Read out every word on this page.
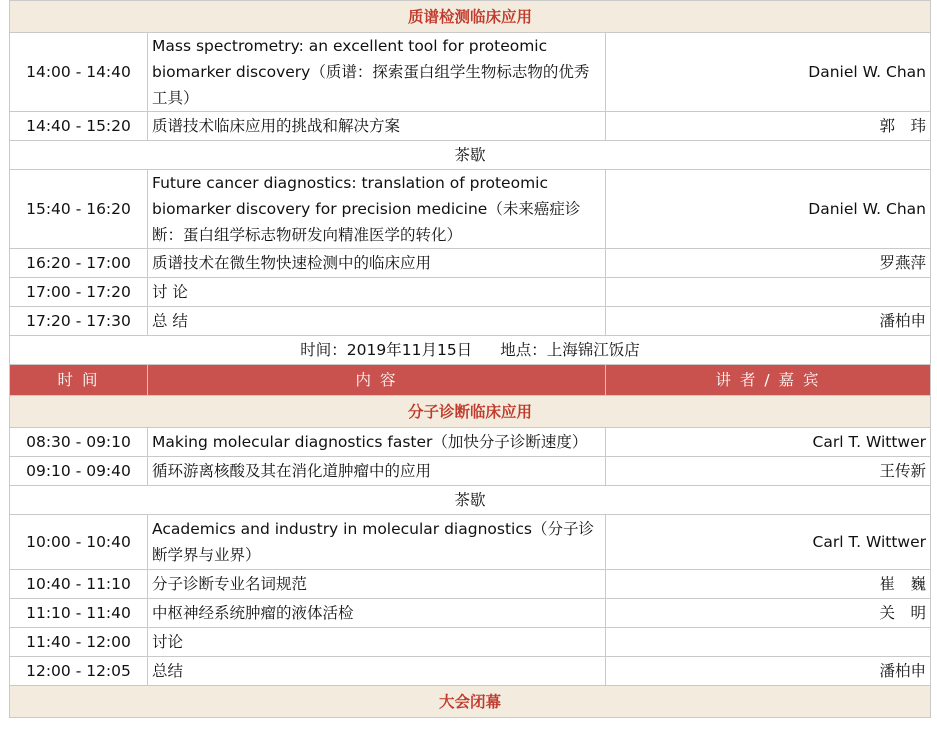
质谱检测临床应用		
14:00 - 14:40	Mass spectrometry: an excellent tool for proteomic biomarker discovery（质谱：探索蛋白组学生物标志物的优秀工具）	Daniel W. Chan
14:40 - 15:20	质谱技术临床应用的挑战和解决方案	郭　玮
茶歇		
15:40 - 16:20	Future cancer diagnostics: translation of proteomic biomarker discovery for precision medicine（未来癌症诊断：蛋白组学标志物研发向精准医学的转化）	Daniel W. Chan
16:20 - 17:00	质谱技术在微生物快速检测中的临床应用	罗燕萍
17:00 - 17:20	讨 论	
17:20 - 17:30	总 结	潘柏申
时间：2019年11月15日 地点：上海锦江饭店		
时 间	内 容	讲 者 / 嘉 宾
分子诊断临床应用		
08:30 - 09:10	Making molecular diagnostics faster（加快分子诊断速度）	Carl T. Wittwer
09:10 - 09:40	循环游离核酸及其在消化道肿瘤中的应用	王传新
茶歇		
10:00 - 10:40	Academics and industry in molecular diagnostics（分子诊断学界与业界）	Carl T. Wittwer
10:40 - 11:10	分子诊断专业名词规范	崔　巍
11:10 - 11:40	中枢神经系统肿瘤的液体活检	关　明
11:40 - 12:00	讨论	
12:00 - 12:05	总结	潘柏申
大会闭幕		
